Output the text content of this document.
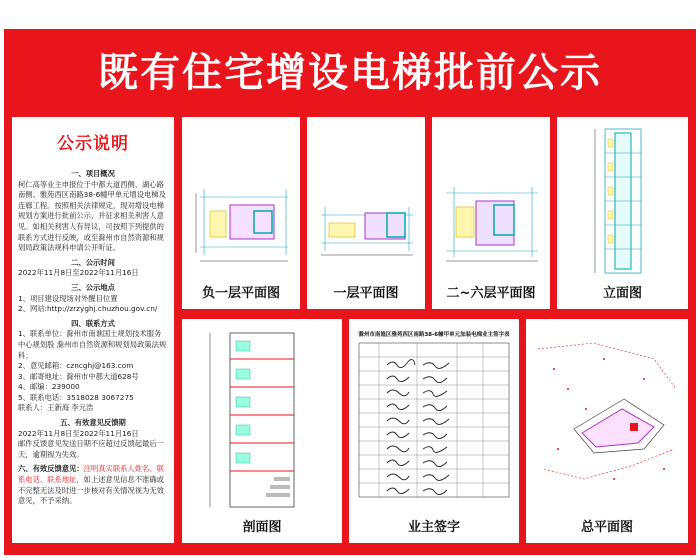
既有住宅增设电梯批前公示
公示说明
一、项目概况
柯仁高等业主申报位于中都大道西侧、湖心路南侧、雅苑西区南路38-6幢甲单元增设电梯及连廊工程。按照相关法律规定，现对增设电梯规划方案进行批前公示，并征求相关利害人意见。如相关利害人有异议，可按照下列提供的联系方式进行反映，或至滁州市自然资源和规划局政策法规科申请公开听证。
二、公示时间
2022年11月8日至2022年11月16日
三、公示地点
1、项目建设现场对外醒目位置
2、网站:http://zrzyghj.chuzhou.gov.cn/
四、联系方式
1、联系单位：滁州市南谯国土规划技术服务中心规划股 滁州市自然资源和规划局政策法规科；
2、意见邮箱：czncghj@163.com
3、邮寄地址：滁州市中都大道628号
4、邮编：239000
5、联系电话：3518028 3067275
联系人：王新海 李元浩
五、有效意见反馈期
2022年11月8日至2022年11月16日
邮件反馈意见发送日期不应超过反馈起最后一天，逾期视为失效。
六、有效反馈意见：注明真实联系人姓名、联系电话、联系地址，如上述意见信息不准确或不完整无法及时进一步核对有关情况视为无效意见，不予采纳。
负一层平面图	一层平面图	二~六层平面图	立面图
剖面图
滁州市南谯区雅苑西区南路38-6幢甲单元加装电梯业主签字表
业主签字	总平面图
